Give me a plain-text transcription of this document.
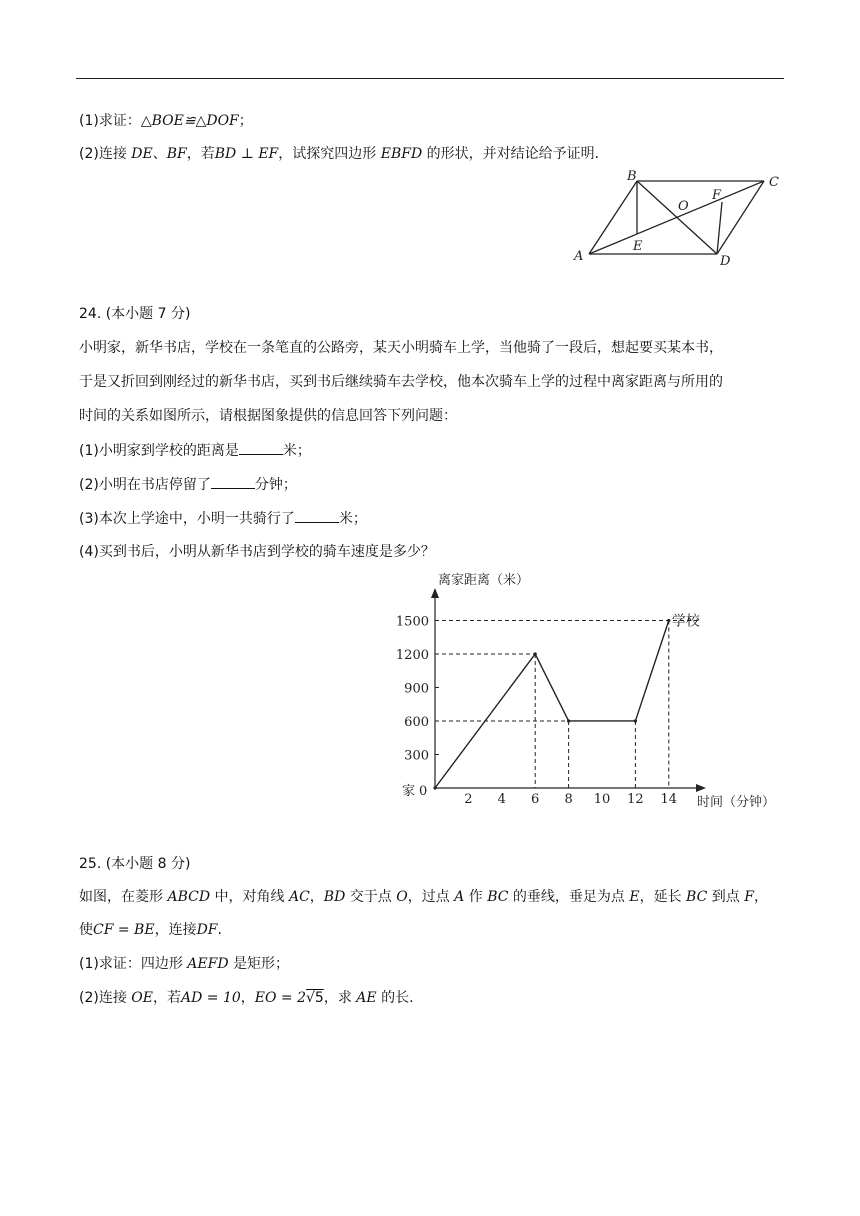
(1)求证：△BOE≌△DOF；
(2)连接 DE、BF，若BD ⊥ EF，试探究四边形 EBFD 的形状，并对结论给予证明．
A
B	C
D
E
F
O
24. (本小题 7 分)
小明家，新华书店，学校在一条笔直的公路旁，某天小明骑车上学，当他骑了一段后，想起要买某本书，
于是又折回到刚经过的新华书店，买到书后继续骑车去学校，他本次骑车上学的过程中离家距离与所用的
时间的关系如图所示，请根据图象提供的信息回答下列问题：
(1)小明家到学校的距离是	米；
(2)小明在书店停留了	分钟；
(3)本次上学途中，小明一共骑行了	米；
(4)买到书后，小明从新华书店到学校的骑车速度是多少？
离家距离（米）
时间（分钟）
家 0
300
600
900
1200
1500
2 4 6 8 10 12 14
学校
25. (本小题 8 分)
如图，在菱形 ABCD 中，对角线 AC，BD 交于点 O，过点 A 作 BC 的垂线，垂足为点 E，延长 BC 到点 F，
使CF = BE，连接DF.
(1)求证：四边形 AEFD 是矩形；
(2)连接 OE，若AD = 10，EO = 2√5，求 AE 的长.
